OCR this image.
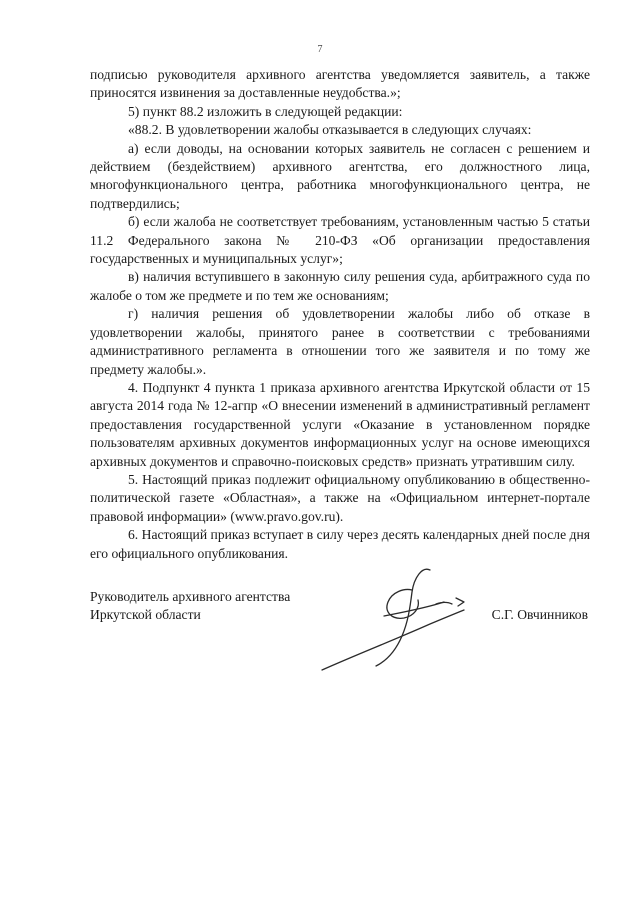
7

подписью руководителя архивного агентства уведомляется заявитель, а также приносятся извинения за доставленные неудобства.»;

5) пункт 88.2 изложить в следующей редакции:

«88.2. В удовлетворении жалобы отказывается в следующих случаях:

а) если доводы, на основании которых заявитель не согласен с решением и действием (бездействием) архивного агентства, его должностного лица, многофункционального центра, работника многофункционального центра, не подтвердились;

б) если жалоба не соответствует требованиям, установленным частью 5 статьи 11.2 Федерального закона № 210-ФЗ «Об организации предоставления государственных и муниципальных услуг»;

в) наличия вступившего в законную силу решения суда, арбитражного суда по жалобе о том же предмете и по тем же основаниям;

г) наличия решения об удовлетворении жалобы либо об отказе в удовлетворении жалобы, принятого ранее в соответствии с требованиями административного регламента в отношении того же заявителя и по тому же предмету жалобы.».

4. Подпункт 4 пункта 1 приказа архивного агентства Иркутской области от 15 августа 2014 года № 12-агпр «О внесении изменений в административный регламент предоставления государственной услуги «Оказание в установленном порядке пользователям архивных документов информационных услуг на основе имеющихся архивных документов и справочно-поисковых средств» признать утратившим силу.

5. Настоящий приказ подлежит официальному опубликованию в общественно-политической газете «Областная», а также на «Официальном интернет-портале правовой информации» (www.pravo.gov.ru).

6. Настоящий приказ вступает в силу через десять календарных дней после дня его официального опубликования.

Руководитель архивного агентства
Иркутской области	С.Г. Овчинников
